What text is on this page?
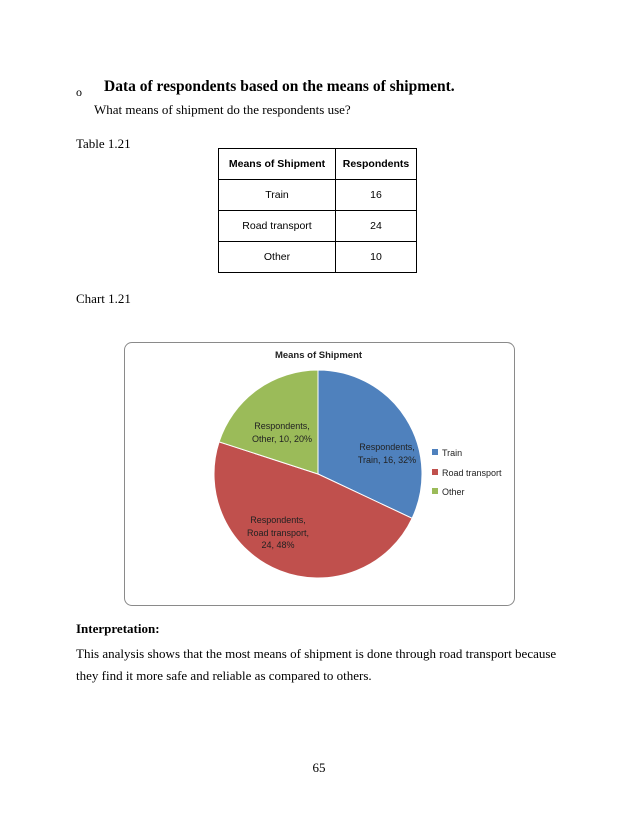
o Data of respondents based on the means of shipment.
What means of shipment do the respondents use?
Table 1.21
Means of Shipment	Respondents
Train	16
Road transport	24
Other	10
Chart 1.21
Means of Shipment
Respondents,
Train, 16, 32%
Respondents,
Road transport,
24, 48%
Respondents,
Other, 10, 20%
Train
Road transport
Other
Interpretation:
This analysis shows that the most means of shipment is done through road transport because they find it more safe and reliable as compared to others.
65
